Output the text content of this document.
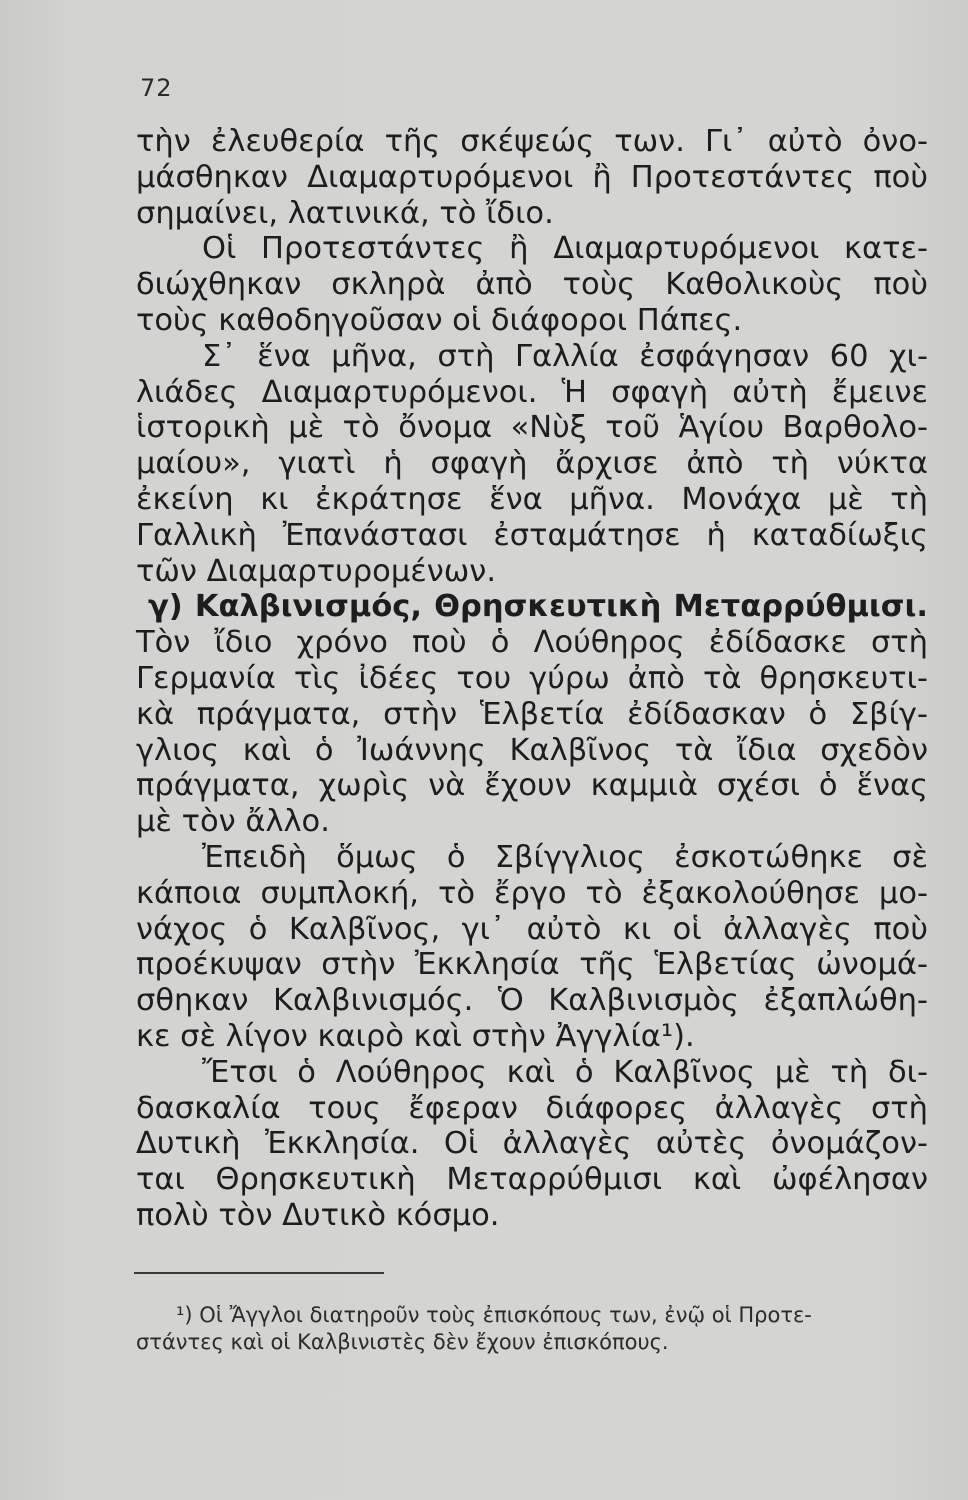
72
τὴν ἐλευθερία τῆς σκέψεώς των. Γι᾽ αὐτὸ ὀνο-
μάσθηκαν Διαμαρτυρόμενοι ἢ Προτεστάντες ποὺ
σημαίνει, λατινικά, τὸ ἴδιο.
Οἱ Προτεστάντες ἢ Διαμαρτυρόμενοι κατε-
διώχθηκαν σκληρὰ ἀπὸ τοὺς Καθολικοὺς ποὺ
τοὺς καθοδηγοῦσαν οἱ διάφοροι Πάπες.
Σ᾽ ἕνα μῆνα, στὴ Γαλλία ἐσφάγησαν 60 χι-
λιάδες Διαμαρτυρόμενοι. Ἡ σφαγὴ αὐτὴ ἔμεινε
ἱστορικὴ μὲ τὸ ὄνομα «Νὺξ τοῦ Ἁγίου Βαρθολο-
μαίου», γιατὶ ἡ σφαγὴ ἄρχισε ἀπὸ τὴ νύκτα
ἐκείνη κι ἐκράτησε ἕνα μῆνα. Μονάχα μὲ τὴ
Γαλλικὴ Ἐπανάστασι ἐσταμάτησε ἡ καταδίωξις
τῶν Διαμαρτυρομένων.
γ) Καλβινισμός, Θρησκευτικὴ Μεταρρύθμισι.
Τὸν ἴδιο χρόνο ποὺ ὁ Λούθηρος ἐδίδασκε στὴ
Γερμανία τὶς ἰδέες του γύρω ἀπὸ τὰ θρησκευτι-
κὰ πράγματα, στὴν Ἑλβετία ἐδίδασκαν ὁ Σβίγ-
γλιος καὶ ὁ Ἰωάννης Καλβῖνος τὰ ἴδια σχεδὸν
πράγματα, χωρὶς νὰ ἔχουν καμμιὰ σχέσι ὁ ἕνας
μὲ τὸν ἄλλο.
Ἐπειδὴ ὅμως ὁ Σβίγγλιος ἐσκοτώθηκε σὲ
κάποια συμπλοκή, τὸ ἔργο τὸ ἐξακολούθησε μο-
νάχος ὁ Καλβῖνος, γι᾽ αὐτὸ κι οἱ ἀλλαγὲς ποὺ
προέκυψαν στὴν Ἐκκλησία τῆς Ἑλβετίας ὠνομά-
σθηκαν Καλβινισμός. Ὁ Καλβινισμὸς ἐξαπλώθη-
κε σὲ λίγον καιρὸ καὶ στὴν Ἀγγλία¹).
Ἔτσι ὁ Λούθηρος καὶ ὁ Καλβῖνος μὲ τὴ δι-
δασκαλία τους ἔφεραν διάφορες ἀλλαγὲς στὴ
Δυτικὴ Ἐκκλησία. Οἱ ἀλλαγὲς αὐτὲς ὀνομάζον-
ται Θρησκευτικὴ Μεταρρύθμισι καὶ ὠφέλησαν
πολὺ τὸν Δυτικὸ κόσμο.
¹) Οἱ Ἄγγλοι διατηροῦν τοὺς ἐπισκόπους των, ἐνῷ οἱ Προτε-
στάντες καὶ οἱ Καλβινιστὲς δὲν ἔχουν ἐπισκόπους.
